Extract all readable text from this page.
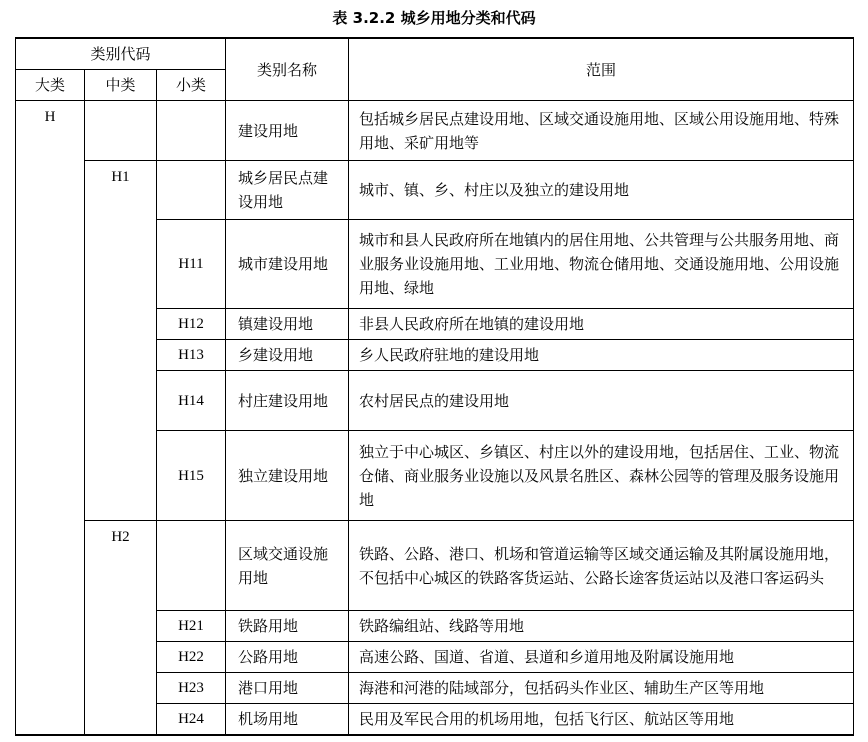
表 3.2.2 城乡用地分类和代码
类别代码			类别名称	范围
大类	中类	小类		
H			建设用地	包括城乡居民点建设用地、区域交通设施用地、区域公用设施用地、特殊用地、采矿用地等
	H1		城乡居民点建设用地	城市、镇、乡、村庄以及独立的建设用地
		H11	城市建设用地	城市和县人民政府所在地镇内的居住用地、公共管理与公共服务用地、商业服务业设施用地、工业用地、物流仓储用地、交通设施用地、公用设施用地、绿地
		H12	镇建设用地	非县人民政府所在地镇的建设用地
		H13	乡建设用地	乡人民政府驻地的建设用地
		H14	村庄建设用地	农村居民点的建设用地
		H15	独立建设用地	独立于中心城区、乡镇区、村庄以外的建设用地，包括居住、工业、物流仓储、商业服务业设施以及风景名胜区、森林公园等的管理及服务设施用地
	H2		区域交通设施用地	铁路、公路、港口、机场和管道运输等区域交通运输及其附属设施用地，不包括中心城区的铁路客货运站、公路长途客货运站以及港口客运码头
		H21	铁路用地	铁路编组站、线路等用地
		H22	公路用地	高速公路、国道、省道、县道和乡道用地及附属设施用地
		H23	港口用地	海港和河港的陆域部分，包括码头作业区、辅助生产区等用地
		H24	机场用地	民用及军民合用的机场用地，包括飞行区、航站区等用地
